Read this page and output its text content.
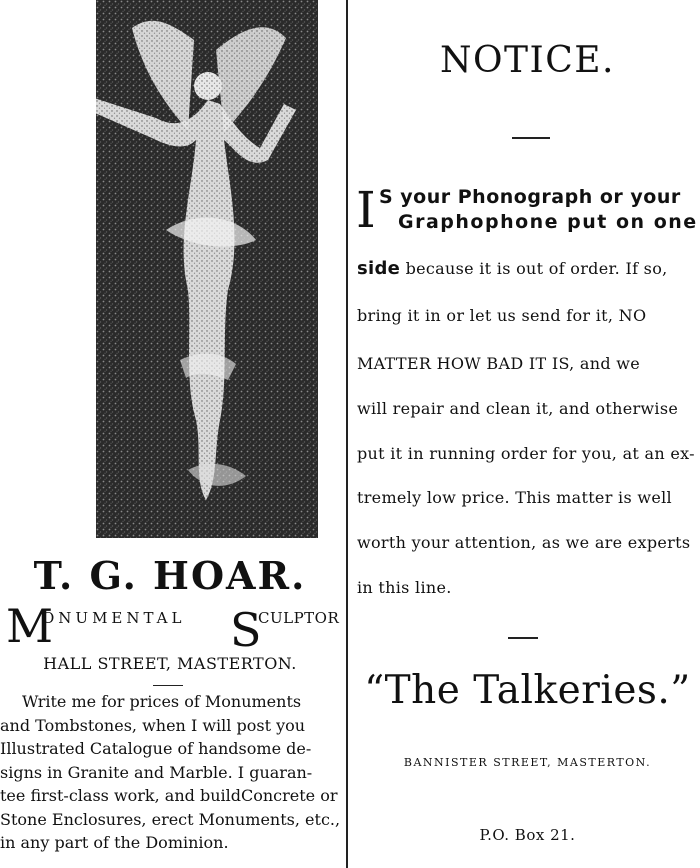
T. G. HOAR.
M
ONUMENTAL S
CULPTOR
HALL STREET, MASTERTON.
Write me for prices of Monuments
and Tombstones, when I will post you
Illustrated Catalogue of handsome de-
signs in Granite and Marble. I guaran-
tee first-class work, and buildConcrete or
Stone Enclosures, erect Monuments, etc.,
in any part of the Dominion.
NOTICE.
I S your Phonograph or your
Graphophone put on one
side because it is out of order. If so,
bring it in or let us send for it, NO
MATTER HOW BAD IT IS, and we
will repair and clean it, and otherwise
put it in running order for you, at an ex-
tremely low price. This matter is well
worth your attention, as we are experts
in this line.
“The Talkeries.”
BANNISTER STREET, MASTERTON.
P.O. Box 21.
